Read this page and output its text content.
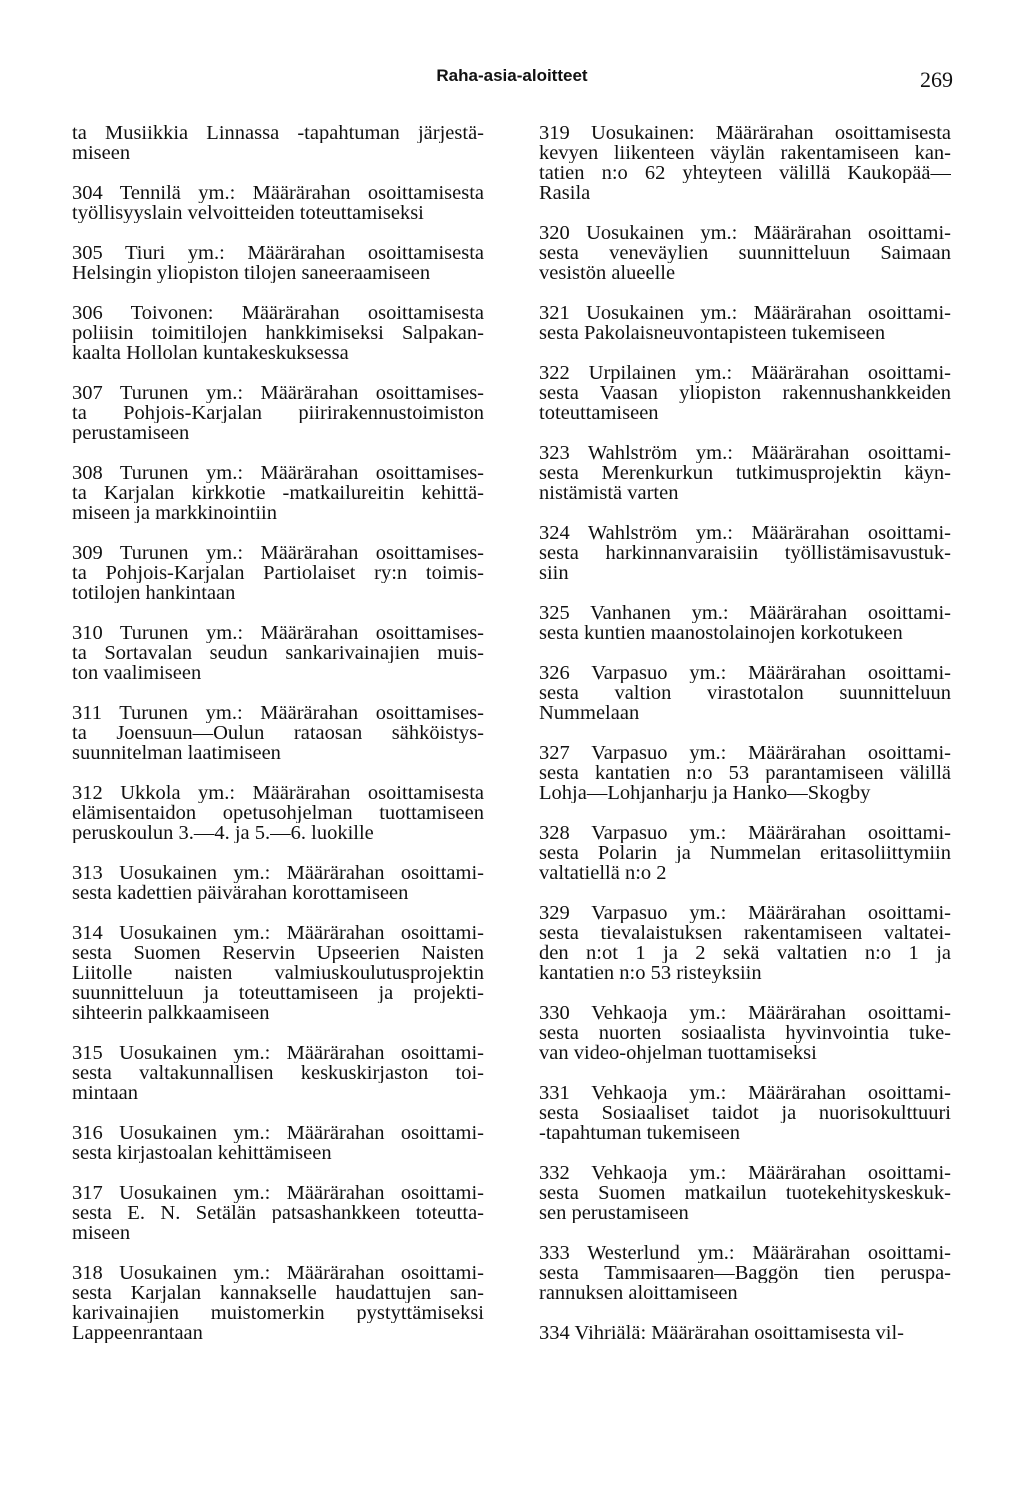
Raha-asia-aloitteet	269
ta Musiikkia Linnassa -tapahtuman järjestä-
miseen
304 Tennilä ym.: Määrärahan osoittamisesta
työllisyyslain velvoitteiden toteuttamiseksi
305 Tiuri ym.: Määrärahan osoittamisesta
Helsingin yliopiston tilojen saneeraamiseen
306 Toivonen: Määrärahan osoittamisesta
poliisin toimitilojen hankkimiseksi Salpakan-
kaalta Hollolan kuntakeskuksessa
307 Turunen ym.: Määrärahan osoittamises-
ta Pohjois-Karjalan piirirakennustoimiston
perustamiseen
308 Turunen ym.: Määrärahan osoittamises-
ta Karjalan kirkkotie -matkailureitin kehittä-
miseen ja markkinointiin
309 Turunen ym.: Määrärahan osoittamises-
ta Pohjois-Karjalan Partiolaiset ry:n toimis-
totilojen hankintaan
310 Turunen ym.: Määrärahan osoittamises-
ta Sortavalan seudun sankarivainajien muis-
ton vaalimiseen
311 Turunen ym.: Määrärahan osoittamises-
ta Joensuun—Oulun rataosan sähköistys-
suunnitelman laatimiseen
312 Ukkola ym.: Määrärahan osoittamisesta
elämisentaidon opetusohjelman tuottamiseen
peruskoulun 3.—4. ja 5.—6. luokille
313 Uosukainen ym.: Määrärahan osoittami-
sesta kadettien päivärahan korottamiseen
314 Uosukainen ym.: Määrärahan osoittami-
sesta Suomen Reservin Upseerien Naisten
Liitolle naisten valmiuskoulutusprojektin
suunnitteluun ja toteuttamiseen ja projekti-
sihteerin palkkaamiseen
315 Uosukainen ym.: Määrärahan osoittami-
sesta valtakunnallisen keskuskirjaston toi-
mintaan
316 Uosukainen ym.: Määrärahan osoittami-
sesta kirjastoalan kehittämiseen
317 Uosukainen ym.: Määrärahan osoittami-
sesta E. N. Setälän patsashankkeen toteutta-
miseen
318 Uosukainen ym.: Määrärahan osoittami-
sesta Karjalan kannakselle haudattujen san-
karivainajien muistomerkin pystyttämiseksi
Lappeenrantaan
319 Uosukainen: Määrärahan osoittamisesta
kevyen liikenteen väylän rakentamiseen kan-
tatien n:o 62 yhteyteen välillä Kaukopää—
Rasila
320 Uosukainen ym.: Määrärahan osoittami-
sesta veneväylien suunnitteluun Saimaan
vesistön alueelle
321 Uosukainen ym.: Määrärahan osoittami-
sesta Pakolaisneuvontapisteen tukemiseen
322 Urpilainen ym.: Määrärahan osoittami-
sesta Vaasan yliopiston rakennushankkeiden
toteuttamiseen
323 Wahlström ym.: Määrärahan osoittami-
sesta Merenkurkun tutkimusprojektin käyn-
nistämistä varten
324 Wahlström ym.: Määrärahan osoittami-
sesta harkinnanvaraisiin työllistämisavustuk-
siin
325 Vanhanen ym.: Määrärahan osoittami-
sesta kuntien maanostolainojen korkotukeen
326 Varpasuo ym.: Määrärahan osoittami-
sesta valtion virastotalon suunnitteluun
Nummelaan
327 Varpasuo ym.: Määrärahan osoittami-
sesta kantatien n:o 53 parantamiseen välillä
Lohja—Lohjanharju ja Hanko—Skogby
328 Varpasuo ym.: Määrärahan osoittami-
sesta Polarin ja Nummelan eritasoliittymiin
valtatiellä n:o 2
329 Varpasuo ym.: Määrärahan osoittami-
sesta tievalaistuksen rakentamiseen valtatei-
den n:ot 1 ja 2 sekä valtatien n:o 1 ja
kantatien n:o 53 risteyksiin
330 Vehkaoja ym.: Määrärahan osoittami-
sesta nuorten sosiaalista hyvinvointia tuke-
van video-ohjelman tuottamiseksi
331 Vehkaoja ym.: Määrärahan osoittami-
sesta Sosiaaliset taidot ja nuorisokulttuuri
-tapahtuman tukemiseen
332 Vehkaoja ym.: Määrärahan osoittami-
sesta Suomen matkailun tuotekehityskeskuk-
sen perustamiseen
333 Westerlund ym.: Määrärahan osoittami-
sesta Tammisaaren—Baggön tien peruspa-
rannuksen aloittamiseen
334 Vihriälä: Määrärahan osoittamisesta vil-
